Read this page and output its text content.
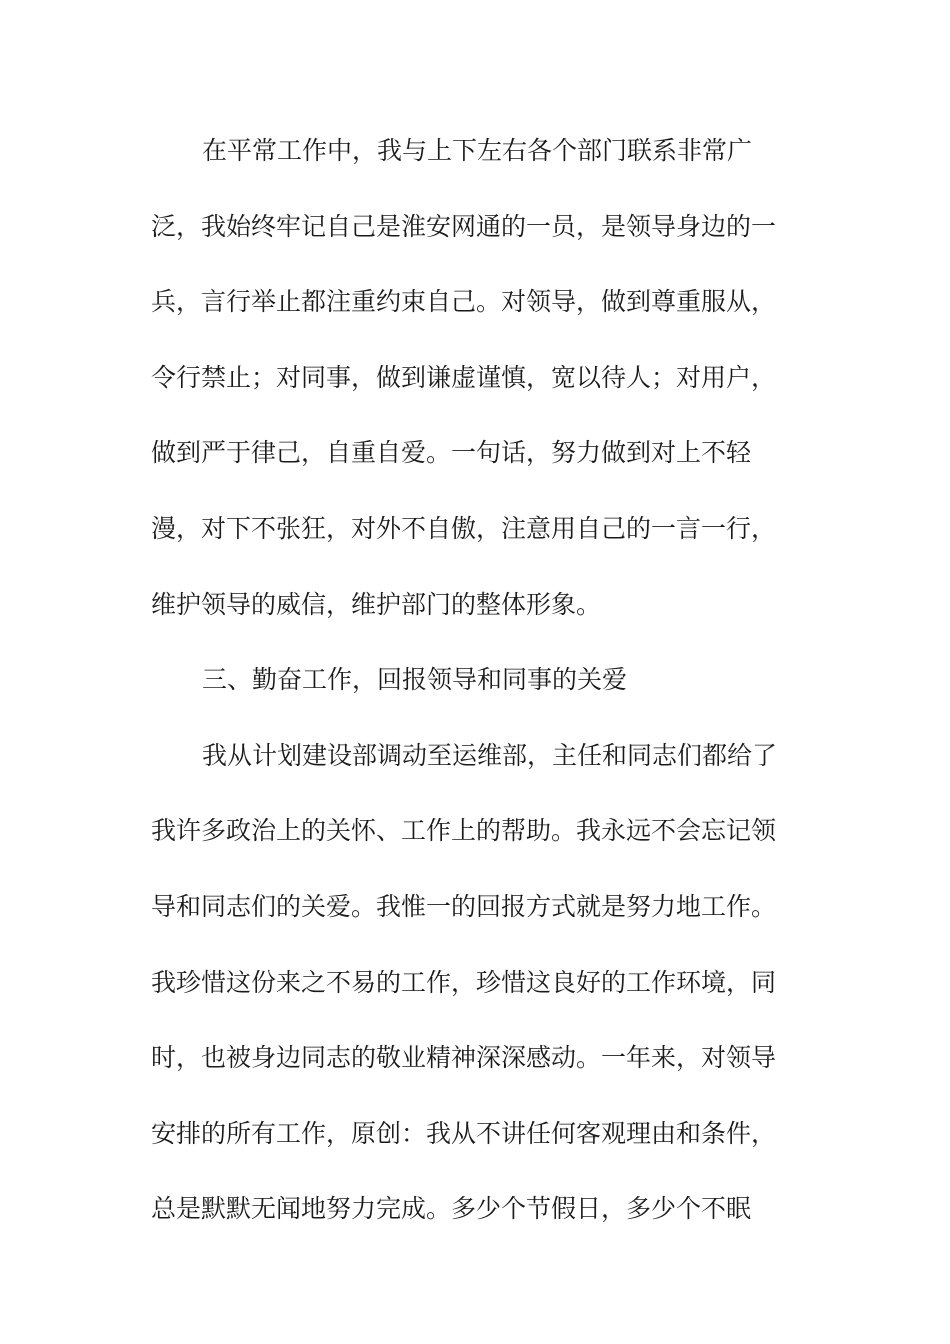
在平常工作中，我与上下左右各个部门联系非常广
泛，我始终牢记自己是淮安网通的一员，是领导身边的一
兵，言行举止都注重约束自己。对领导，做到尊重服从，
令行禁止；对同事，做到谦虚谨慎，宽以待人；对用户，
做到严于律己，自重自爱。一句话，努力做到对上不轻
漫，对下不张狂，对外不自傲，注意用自己的一言一行，
维护领导的威信，维护部门的整体形象。
三、勤奋工作，回报领导和同事的关爱
我从计划建设部调动至运维部，主任和同志们都给了
我许多政治上的关怀、工作上的帮助。我永远不会忘记领
导和同志们的关爱。我惟一的回报方式就是努力地工作。
我珍惜这份来之不易的工作，珍惜这良好的工作环境，同
时，也被身边同志的敬业精神深深感动。一年来，对领导
安排的所有工作，原创：我从不讲任何客观理由和条件，
总是默默无闻地努力完成。多少个节假日，多少个不眠
